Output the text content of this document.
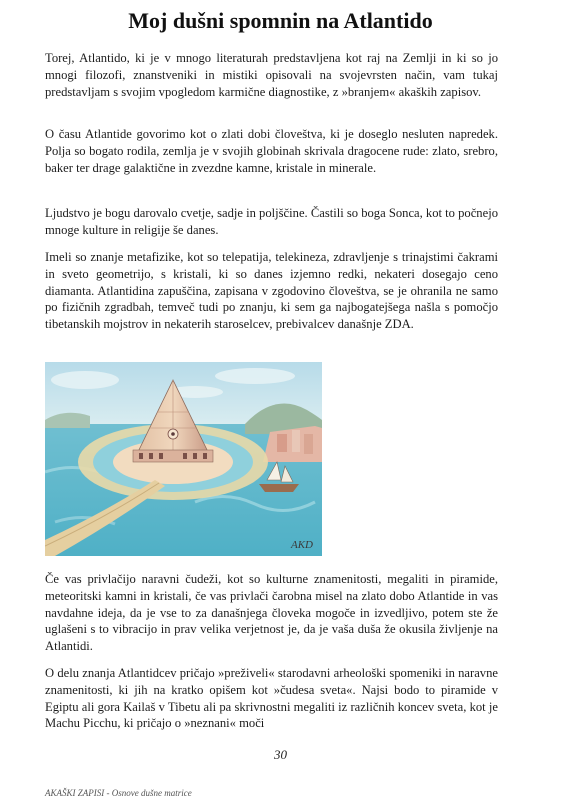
Moj dušni spomnin na Atlantido

Torej, Atlantido, ki je v mnogo literaturah predstavljena kot raj na Zemlji in ki so jo mnogi filozofi, znanstveniki in mistiki opisovali na svojevrsten način, vam tukaj predstavljam s svojim vpogledom karmične diagnostike, z »branjem« akaških zapisov.

O času Atlantide govorimo kot o zlati dobi človeštva, ki je doseglo nesluten napredek. Polja so bogato rodila, zemlja je v svojih globinah skrivala dragocene rude: zlato, srebro, baker ter drage galaktične in zvezdne kamne, kristale in minerale.

Ljudstvo je bogu darovalo cvetje, sadje in poljščine. Častili so boga Sonca, kot to počnejo mnoge kulture in religije še danes.

Imeli so znanje metafizike, kot so telepatija, telekineza, zdravljenje s trinajstimi čakrami in sveto geometrijo, s kristali, ki so danes izjemno redki, nekateri dosegajo ceno diamanta. Atlantidina zapuščina, zapisana v zgodovino človeštva, se je ohranila ne samo po fizičnih zgradbah, temveč tudi po znanju, ki sem ga najbogatejšega našla s pomočjo tibetanskih mojstrov in nekaterih staroselcev, prebivalcev današnje ZDA.

AKD

Če vas privlačijo naravni čudeži, kot so kulturne znamenitosti, megaliti in piramide, meteoritski kamni in kristali, če vas privlači čarobna misel na zlato dobo Atlantide in vas navdahne ideja, da je vse to za današnjega človeka mogoče in izvedljivo, potem ste že uglašeni s to vibracijo in prav velika verjetnost je, da je vaša duša že okusila življenje na Atlantidi.

O delu znanja Atlantidcev pričajo »preživeli« starodavni arheološki spomeniki in naravne znamenitosti, ki jih na kratko opišem kot »čudesa sveta«. Najsi bodo to piramide v Egiptu ali gora Kailaš v Tibetu ali pa skrivnostni megaliti iz različnih koncev sveta, kot je Machu Picchu, ki pričajo o »neznani« moči

30
AKAŠKI ZAPISI - Osnove dušne matrice
